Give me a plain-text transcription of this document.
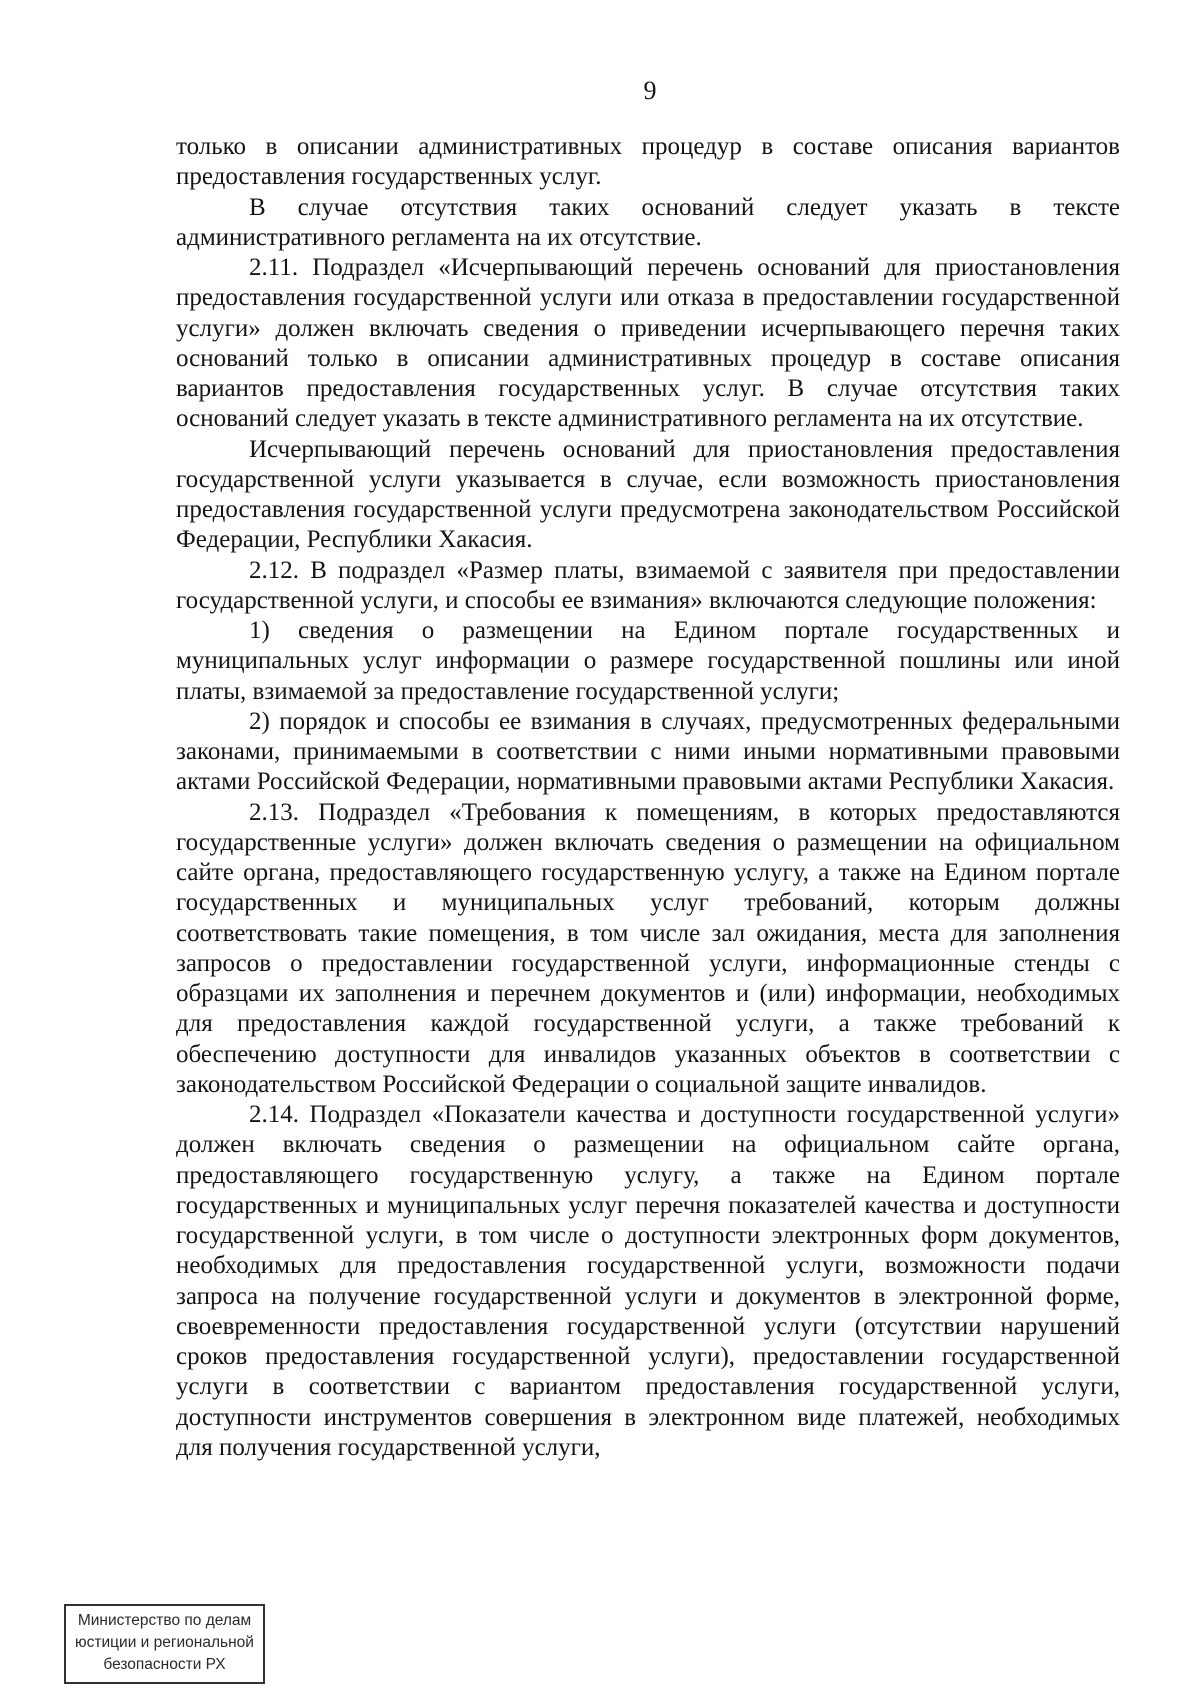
9

только в описании административных процедур в составе описания вариантов предоставления государственных услуг.

В случае отсутствия таких оснований следует указать в тексте административного регламента на их отсутствие.

2.11. Подраздел «Исчерпывающий перечень оснований для приостановления предоставления государственной услуги или отказа в предоставлении государственной услуги» должен включать сведения о приведении исчерпывающего перечня таких оснований только в описании административных процедур в составе описания вариантов предоставления государственных услуг. В случае отсутствия таких оснований следует указать в тексте административного регламента на их отсутствие.

Исчерпывающий перечень оснований для приостановления предоставления государственной услуги указывается в случае, если возможность приостановления предоставления государственной услуги предусмотрена законодательством Российской Федерации, Республики Хакасия.

2.12. В подраздел «Размер платы, взимаемой с заявителя при предоставлении государственной услуги, и способы ее взимания» включаются следующие положения:

1) сведения о размещении на Едином портале государственных и муниципальных услуг информации о размере государственной пошлины или иной платы, взимаемой за предоставление государственной услуги;

2) порядок и способы ее взимания в случаях, предусмотренных федеральными законами, принимаемыми в соответствии с ними иными нормативными правовыми актами Российской Федерации, нормативными правовыми актами Республики Хакасия.

2.13. Подраздел «Требования к помещениям, в которых предоставляются государственные услуги» должен включать сведения о размещении на официальном сайте органа, предоставляющего государственную услугу, а также на Едином портале государственных и муниципальных услуг требований, которым должны соответствовать такие помещения, в том числе зал ожидания, места для заполнения запросов о предоставлении государственной услуги, информационные стенды с образцами их заполнения и перечнем документов и (или) информации, необходимых для предоставления каждой государственной услуги, а также требований к обеспечению доступности для инвалидов указанных объектов в соответствии с законодательством Российской Федерации о социальной защите инвалидов.

2.14. Подраздел «Показатели качества и доступности государственной услуги» должен включать сведения о размещении на официальном сайте органа, предоставляющего государственную услугу, а также на Едином портале государственных и муниципальных услуг перечня показателей качества и доступности государственной услуги, в том числе о доступности электронных форм документов, необходимых для предоставления государственной услуги, возможности подачи запроса на получение государственной услуги и документов в электронной форме, своевременности предоставления государственной услуги (отсутствии нарушений сроков предоставления государственной услуги), предоставлении государственной услуги в соответствии с вариантом предоставления государственной услуги, доступности инструментов совершения в электронном виде платежей, необходимых для получения государственной услуги,

Министерство по делам
юстиции и региональной
безопасности РХ
